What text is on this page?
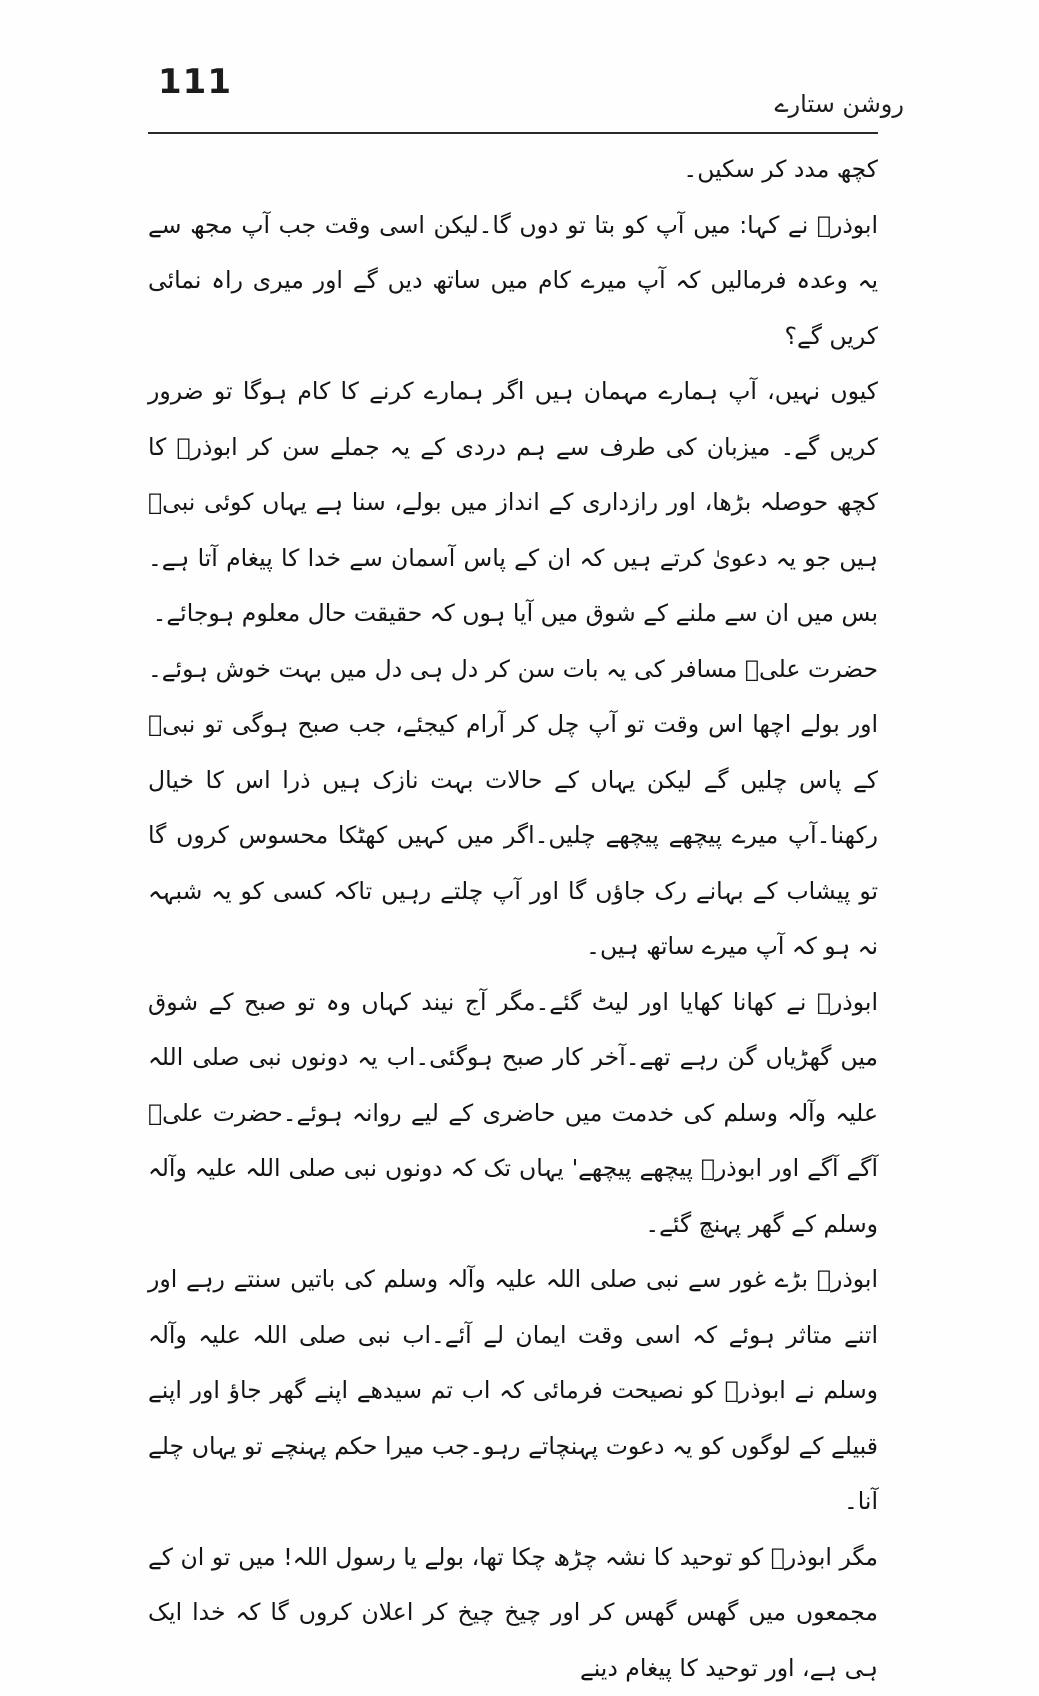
111
روشن ستارے

کچھ مدد کر سکیں۔

ابوذرؓ نے کہا: میں آپ کو بتا تو دوں گا۔لیکن اسی وقت جب آپ مجھ سے یہ وعدہ فرمالیں کہ آپ میرے کام میں ساتھ دیں گے اور میری راہ نمائی کریں گے؟

کیوں نہیں، آپ ہمارے مہمان ہیں اگر ہمارے کرنے کا کام ہوگا تو ضرور کریں گے۔ میزبان کی طرف سے ہم دردی کے یہ جملے سن کر ابوذرؓ کا کچھ حوصلہ بڑھا، اور رازداری کے انداز میں بولے، سنا ہے یہاں کوئی نبیؐ ہیں جو یہ دعویٰ کرتے ہیں کہ ان کے پاس آسمان سے خدا کا پیغام آتا ہے۔بس میں ان سے ملنے کے شوق میں آیا ہوں کہ حقیقت حال معلوم ہوجائے۔

حضرت علیؓ مسافر کی یہ بات سن کر دل ہی دل میں بہت خوش ہوئے۔اور بولے اچھا اس وقت تو آپ چل کر آرام کیجئے، جب صبح ہوگی تو نبیؐ کے پاس چلیں گے لیکن یہاں کے حالات بہت نازک ہیں ذرا اس کا خیال رکھنا۔آپ میرے پیچھے پیچھے چلیں۔اگر میں کہیں کھٹکا محسوس کروں گا تو پیشاب کے بہانے رک جاؤں گا اور آپ چلتے رہیں تاکہ کسی کو یہ شبہہ نہ ہو کہ آپ میرے ساتھ ہیں۔

ابوذرؓ نے کھانا کھایا اور لیٹ گئے۔مگر آج نیند کہاں وہ تو صبح کے شوق میں گھڑیاں گن رہے تھے۔آخر کار صبح ہوگئی۔اب یہ دونوں نبی صلی اللہ علیہ وآلہ وسلم کی خدمت میں حاضری کے لیے روانہ ہوئے۔حضرت علیؓ آگے آگے اور ابوذرؓ پیچھے پیچھے' یہاں تک کہ دونوں نبی صلی اللہ علیہ وآلہ وسلم کے گھر پہنچ گئے۔

ابوذرؓ بڑے غور سے نبی صلی اللہ علیہ وآلہ وسلم کی باتیں سنتے رہے اور اتنے متاثر ہوئے کہ اسی وقت ایمان لے آئے۔اب نبی صلی اللہ علیہ وآلہ وسلم نے ابوذرؓ کو نصیحت فرمائی کہ اب تم سیدھے اپنے گھر جاؤ اور اپنے قبیلے کے لوگوں کو یہ دعوت پہنچاتے رہو۔جب میرا حکم پہنچے تو یہاں چلے آنا۔

مگر ابوذرؓ کو توحید کا نشہ چڑھ چکا تھا، بولے یا رسول اللہ! میں تو ان کے مجمعوں میں گھس گھس کر اور چیخ چیخ کر اعلان کروں گا کہ خدا ایک ہی ہے، اور توحید کا پیغام دینے
